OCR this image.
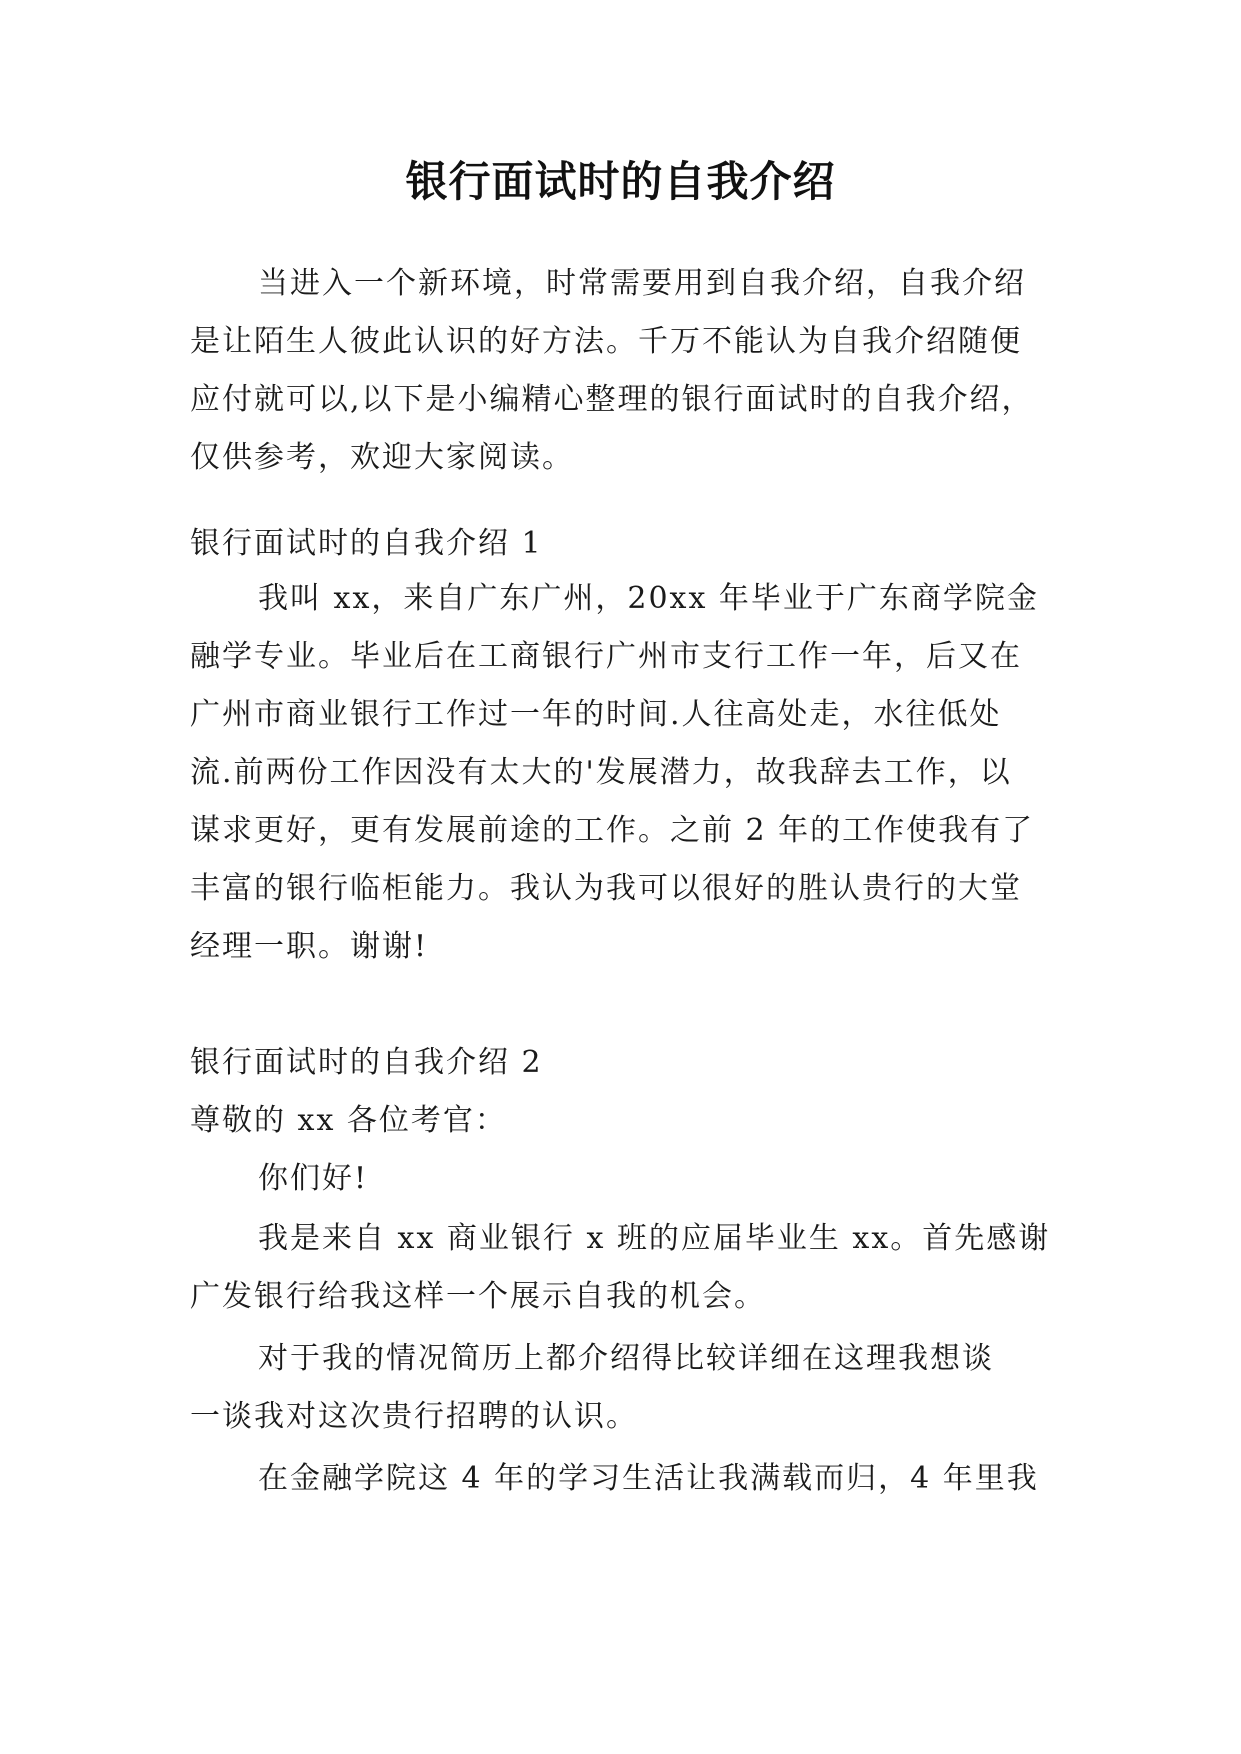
银行面试时的自我介绍
当进入一个新环境，时常需要用到自我介绍，自我介绍
是让陌生人彼此认识的好方法。千万不能认为自我介绍随便
应付就可以,以下是小编精心整理的银行面试时的自我介绍，
仅供参考，欢迎大家阅读。
银行面试时的自我介绍 1
我叫 xx，来自广东广州，20xx 年毕业于广东商学院金
融学专业。毕业后在工商银行广州市支行工作一年，后又在
广州市商业银行工作过一年的时间.人往高处走，水往低处
流.前两份工作因没有太大的'发展潜力，故我辞去工作，以
谋求更好，更有发展前途的工作。之前 2 年的工作使我有了
丰富的银行临柜能力。我认为我可以很好的胜认贵行的大堂
经理一职。谢谢!
银行面试时的自我介绍 2
尊敬的 xx 各位考官：
你们好!
我是来自 xx 商业银行 x 班的应届毕业生 xx。首先感谢
广发银行给我这样一个展示自我的机会。
对于我的情况简历上都介绍得比较详细在这理我想谈
一谈我对这次贵行招聘的认识。
在金融学院这 4 年的学习生活让我满载而归，4 年里我
